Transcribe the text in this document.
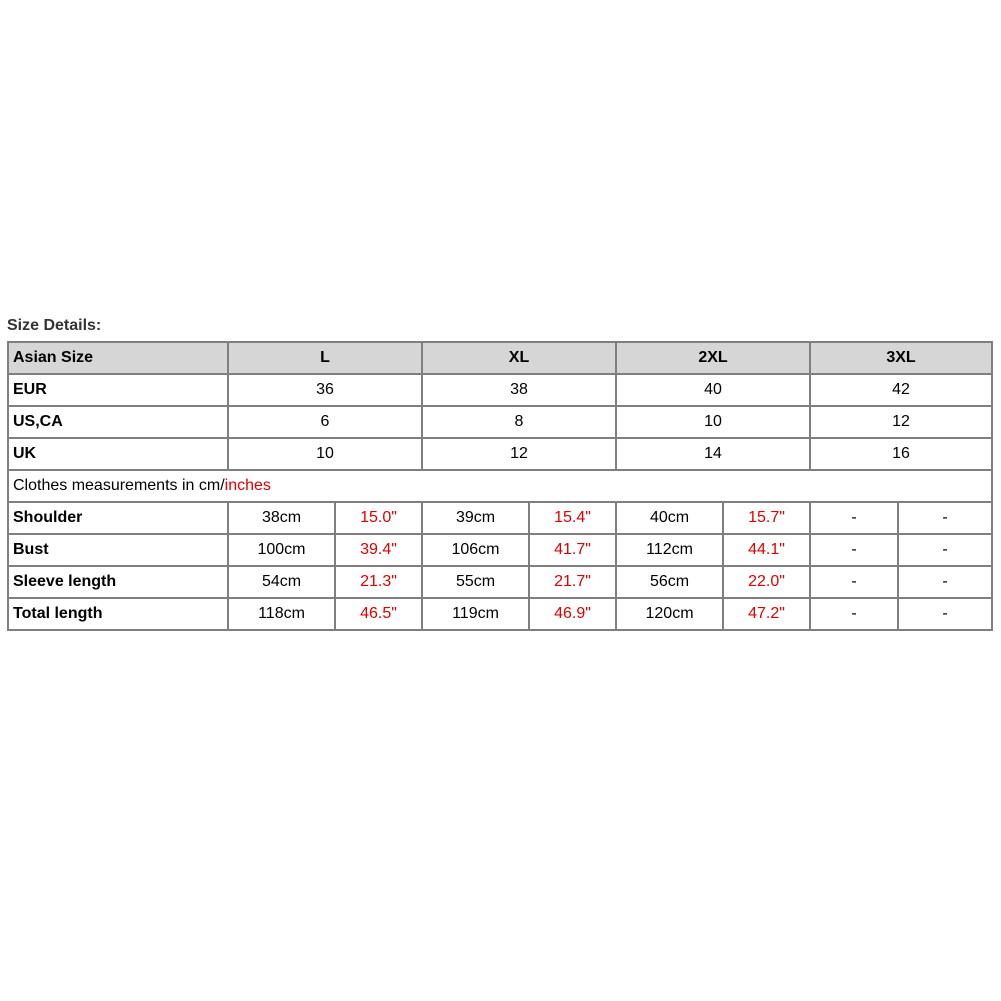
Size Details:
Asian Size	L		XL		2XL		3XL	
EUR	36		38		40		42	
US,CA	6		8		10		12	
UK	10		12		14		16	
Clothes measurements in cm/inches								
Shoulder	38cm	15.0"	39cm	15.4"	40cm	15.7"	-	-
Bust	100cm	39.4"	106cm	41.7"	112cm	44.1"	-	-
Sleeve length	54cm	21.3"	55cm	21.7"	56cm	22.0"	-	-
Total length	118cm	46.5"	119cm	46.9"	120cm	47.2"	-	-
